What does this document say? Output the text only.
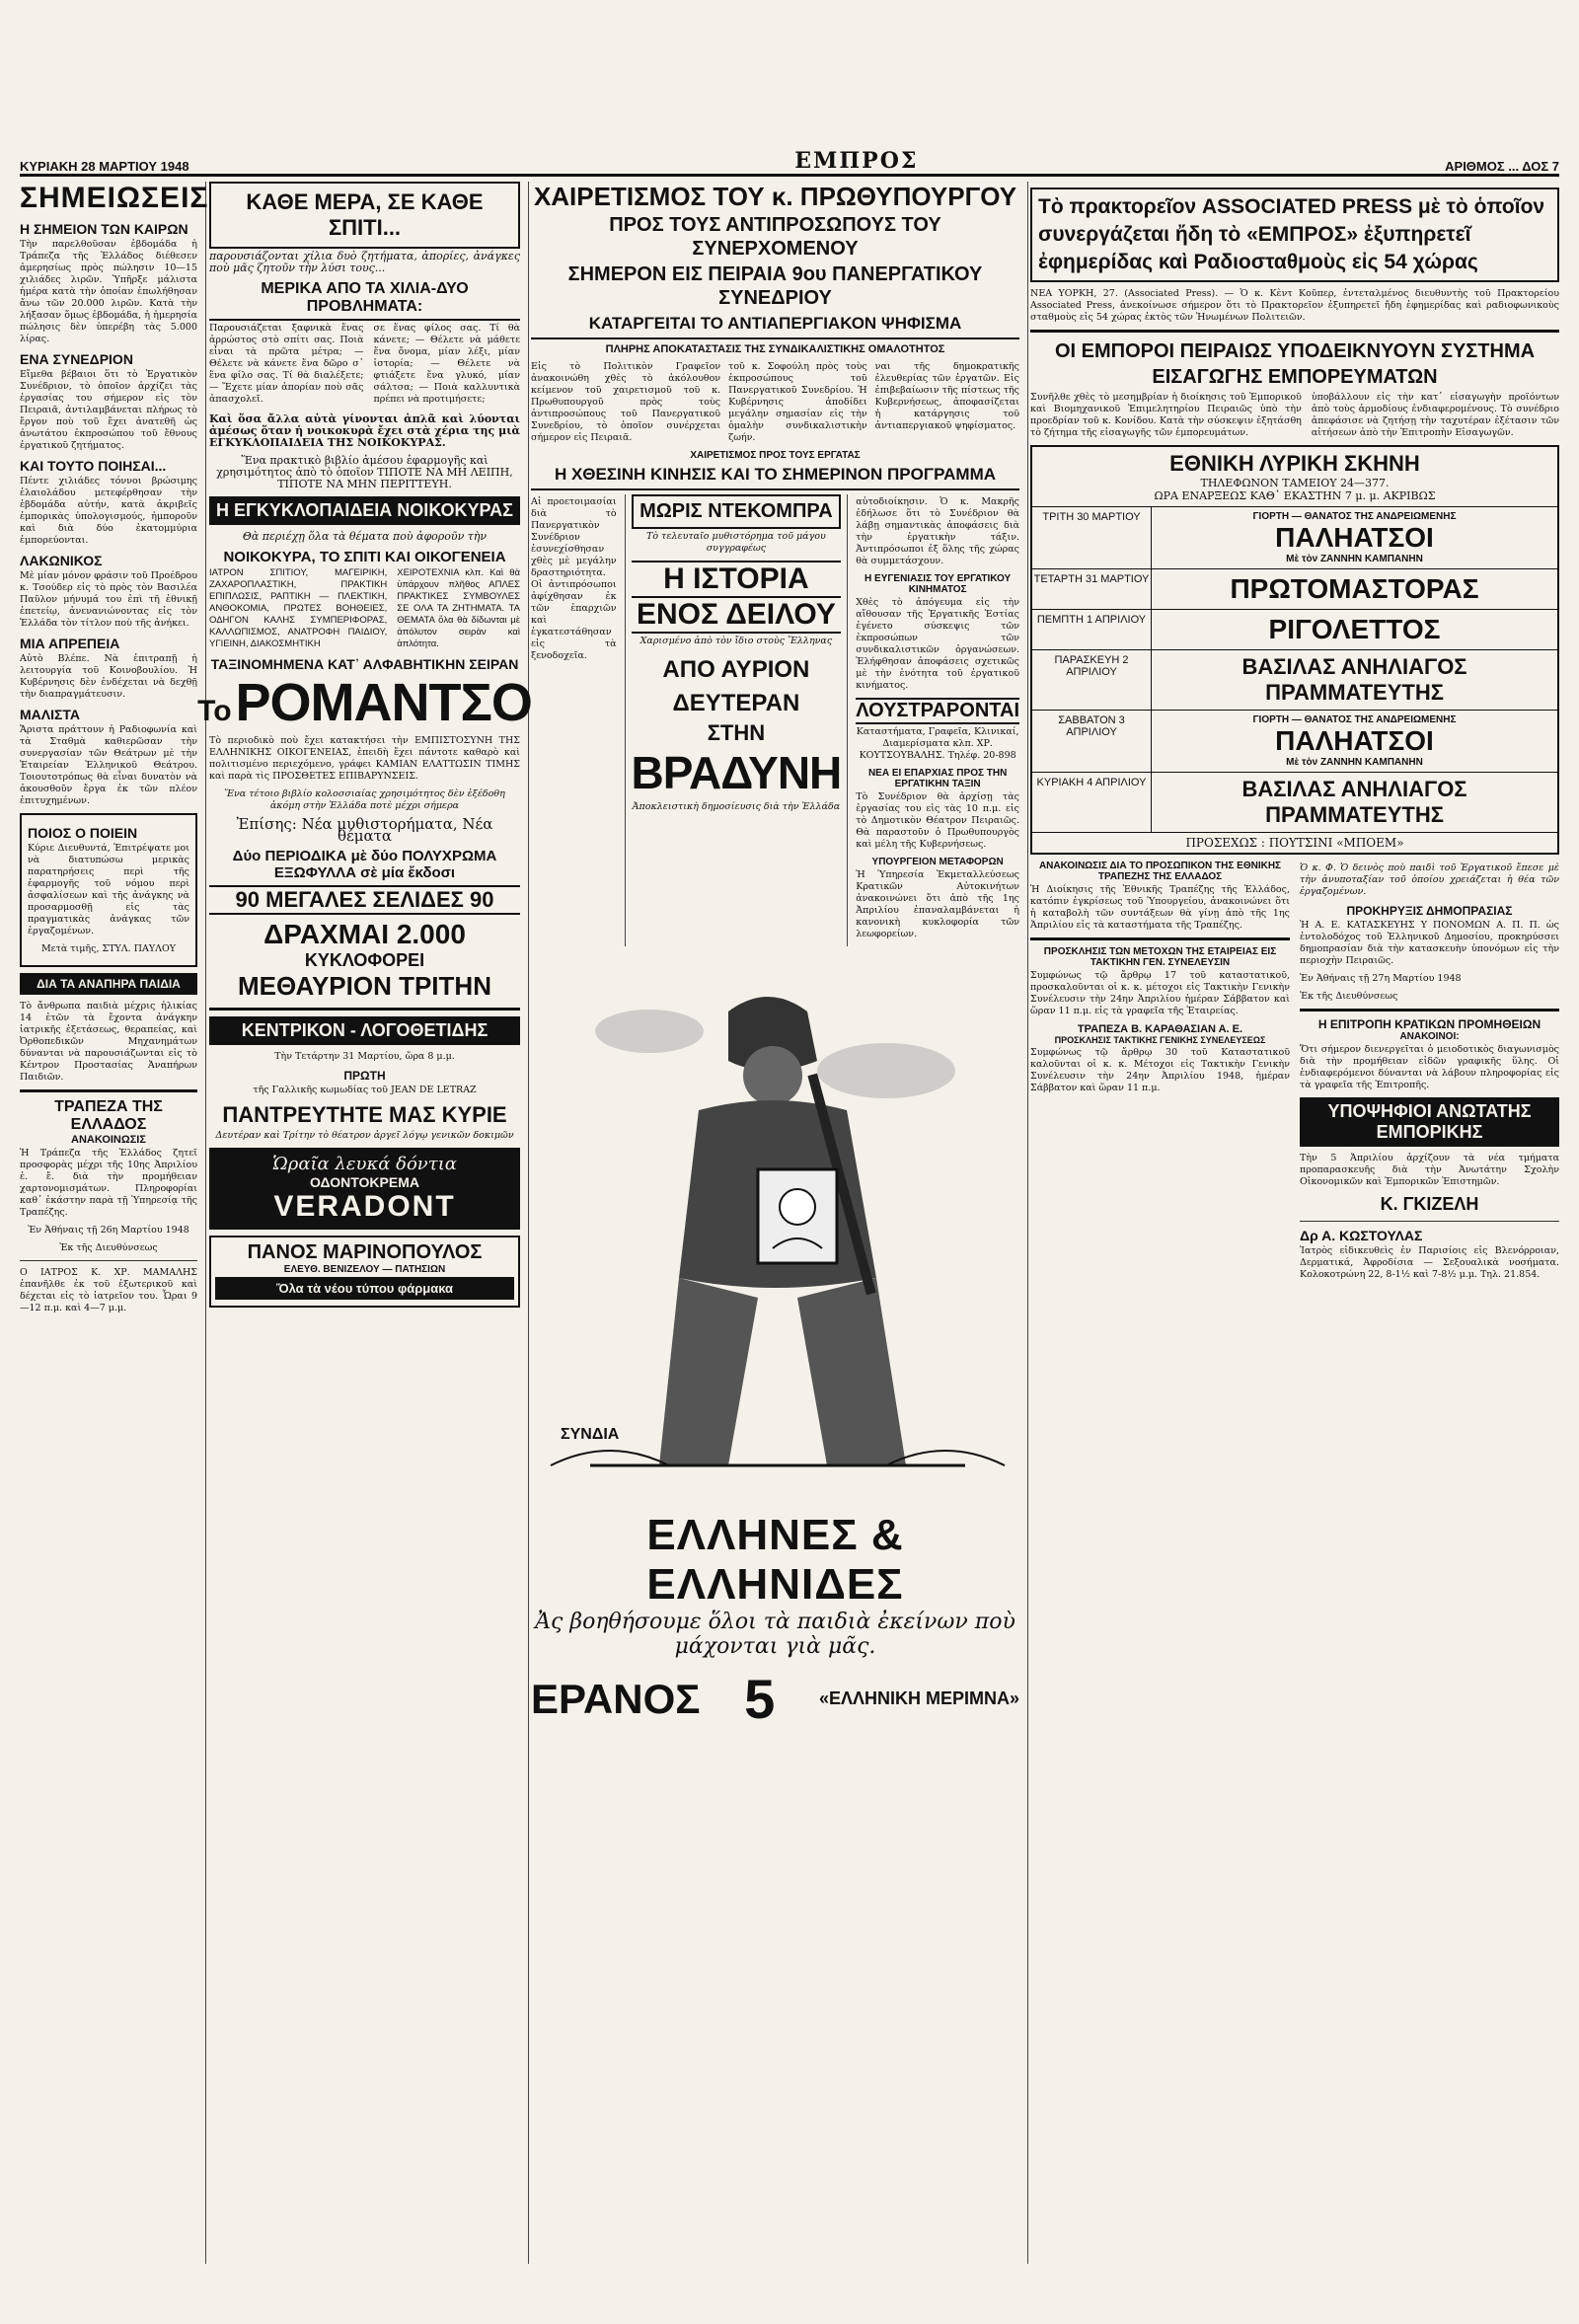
ΚΥΡΙΑΚΗ 28 ΜΑΡΤΙΟΥ 1948	ΕΜΠΡΟΣ	ΑΡΙΘΜΟΣ ... ΔΟΣ 7
ΣΗΜΕΙΩΣΕΙΣ
Η ΣΗΜΕΙΟΝ ΤΩΝ ΚΑΙΡΩΝ

Τὴν παρελθοῦσαν ἑβδομάδα ἡ Τράπεζα τῆς Ἑλλάδος διέθεσεν ἁμερησίως πρὸς πώλησιν 10—15 χιλιάδες λιρῶν. Ὑπῆρξε μάλιστα ἡμέρα κατὰ τὴν ὁποίαν ἐπωλήθησαν ἄνω τῶν 20.000 λιρῶν. Κατὰ τὴν λήξασαν ὅμως ἑβδομάδα, ἡ ἡμερησία πώλησις δὲν ὑπερέβη τὰς 5.000 λίρας.

ΕΝΑ ΣΥΝΕΔΡΙΟΝ

Εἴμεθα βέβαιοι ὅτι τὸ Ἐργατικὸν Συνέδριον, τὸ ὁποῖον ἀρχίζει τὰς ἐργασίας του σήμερον εἰς τὸν Πειραιᾶ, ἀντιλαμβάνεται πλήρως τὸ ἔργον ποὺ τοῦ ἔχει ἀνατεθῆ ὡς ἀνωτάτου ἐκπροσώπου τοῦ ἔθνους ἐργατικοῦ ζητήματος.

ΚΑΙ ΤΟΥΤΟ ΠΟΙΗΣΑΙ...

Πέντε χιλιάδες τόννοι βρώσιμης ἐλαιολάδου μετεφέρθησαν τὴν ἑβδομάδα αὐτήν, κατὰ ἀκριβεῖς ἐμπορικὰς ὑπολογισμούς, ἠμποροῦν καὶ διὰ δύο ἑκατομμύρια ἐμπορεύονται.

ΛΑΚΩΝΙΚΟΣ

Μὲ μίαν μόνον φράσιν τοῦ Προέδρου κ. Τσούδερ εἰς τὸ πρὸς τὸν Βασιλέα Παῦλον μήνυμά του ἐπὶ τῆ ἐθνικῇ ἐπετείῳ, ἀνενανιώνοντας εἰς τὸν Ἑλλάδα τὸν τίτλον ποὺ τῆς ἀνήκει.

ΜΙΑ ΑΠΡΕΠΕΙΑ

Αὐτὸ Βλέπε. Νὰ ἐπιτραπῇ ἡ λειτουργία τοῦ Κοινοβουλίου. Ἡ Κυβέρνησις δὲν ἐνδέχεται νὰ δεχθῇ τὴν διαπραγμάτευσιν.

ΜΑΛΙΣΤΑ

Ἄριστα πράττουν ἡ Ραδιοφωνία καὶ τὰ Σταθμὰ καθιερῶσαν τὴν συνεργασίαν τῶν Θεάτρων μὲ τὴν Ἑταιρείαν Ἑλληνικοῦ Θεάτρου. Τοιουτοτρόπως θὰ εἶναι δυνατὸν νὰ ἀκουσθοῦν ἔργα ἐκ τῶν πλέον ἐπιτυχημένων.

ΠΟΙΟΣ Ο ΠΟΙΕΙΝ

Κύριε Διευθυντά, Ἐπιτρέψατε μοι νὰ διατυπώσω μερικὰς παρατηρήσεις περὶ τῆς ἐφαρμογῆς τοῦ νόμου περὶ ἀσφαλίσεων καὶ τῆς ἀνάγκης νὰ προσαρμοσθῇ εἰς τὰς πραγματικὰς ἀνάγκας τῶν ἐργαζομένων.

Μετὰ τιμῆς, ΣΤΥΛ. ΠΑΥΛΟΥ

ΔΙΑ ΤΑ ΑΝΑΠΗΡΑ ΠΑΙΔΙΑ

Τὸ ἄνθρωπα παιδιὰ μέχρις ἡλικίας 14 ἐτῶν τὰ ἔχοντα ἀνάγκην ἰατρικῆς ἐξετάσεως, θεραπείας, καὶ Ὀρθοπεδικῶν Μηχανημάτων δύνανται νὰ παρουσιάζωνται εἰς τὸ Κέντρον Προστασίας Ἀναπήρων Παιδιῶν.

ΤΡΑΠΕΖΑ ΤΗΣ ΕΛΛΑΔΟΣ
ΑΝΑΚΟΙΝΩΣΙΣ

Ἡ Τράπεζα τῆς Ἑλλάδος ζητεῖ προσφορὰς μέχρι τῆς 10ης Ἀπριλίου ἐ. ἔ. διὰ τὴν προμήθειαν χαρτονομισμάτων. Πληροφορίαι καθ᾽ ἑκάστην παρὰ τῇ Ὑπηρεσίᾳ τῆς Τραπέζης.

Ἐν Ἀθήναις τῇ 26η Μαρτίου 1948

Ἐκ τῆς Διευθύνσεως

Ο ΙΑΤΡΟΣ Κ. ΧΡ. ΜΑΜΑΛΗΣ ἐπανῆλθε ἐκ τοῦ ἐξωτερικοῦ καὶ δέχεται εἰς τὸ ἰατρεῖον του. Ὧραι 9—12 π.μ. καὶ 4—7 μ.μ.

ΚΑΘΕ ΜΕΡΑ, ΣΕ ΚΑΘΕ ΣΠΙΤΙ...

παρουσιάζονται χίλια δυὸ ζητήματα, ἀπορίες, ἀνάγκες ποὺ μᾶς ζητοῦν τὴν λύσι τους...

ΜΕΡΙΚΑ ΑΠΟ ΤΑ ΧΙΛΙΑ-ΔΥΟ ΠΡΟΒΛΗΜΑΤΑ:

Παρουσιάζεται ξαφνικὰ ἕνας ἀρρώστος στὸ σπίτι σας. Ποιὰ εἶναι τὰ πρῶτα μέτρα; — Θέλετε νὰ κάνετε ἕνα δῶρο σ᾽ ἕνα φίλο σας. Τί θὰ διαλέξετε; — Ἔχετε μίαν ἀπορίαν ποὺ σᾶς ἀπασχολεῖ.

σε ἕνας φίλος σας. Τί θὰ κάνετε; — Θέλετε νὰ μάθετε ἕνα ὄνομα, μίαν λέξι, μίαν ἱστορία; — Θέλετε νὰ φτιάξετε ἕνα γλυκό, μίαν σάλτσα; — Ποιὰ καλλυντικὰ πρέπει νὰ προτιμήσετε;

Καὶ ὅσα ἄλλα αὐτὰ γίνονται ἀπλᾶ καὶ λύονται ἀμέσως ὅταν ἡ νοικοκυρὰ ἔχει στὰ χέρια της μιὰ ΕΓΚΥΚΛΟΠΑΙΔΕΙΑ ΤΗΣ ΝΟΙΚΟΚΥΡΑΣ.

Ἕνα πρακτικὸ βιβλίο ἀμέσου ἐφαρμογῆς καὶ χρησιμότητος ἀπὸ τὸ ὁποῖον ΤΙΠΟΤΕ ΝΑ ΜΗ ΛΕΙΠΗ, ΤΙΠΟΤΕ ΝΑ ΜΗΝ ΠΕΡΙΤΤΕΥΗ.

Η ΕΓΚΥΚΛΟΠΑΙΔΕΙΑ ΝΟΙΚΟΚΥΡΑΣ

Θὰ περιέχῃ ὅλα τὰ θέματα ποὺ ἀφοροῦν τὴν

ΝΟΙΚΟΚΥΡΑ, ΤΟ ΣΠΙΤΙ ΚΑΙ ΟΙΚΟΓΕΝΕΙΑ

ΙΑΤΡΟΝ ΣΠΙΤΙΟΥ, ΜΑΓΕΙΡΙΚΗ, ΖΑΧΑΡΟΠΛΑΣΤΙΚΗ, ΠΡΑΚΤΙΚΗ ΕΠΙΠΛΩΣΙΣ, ΡΑΠΤΙΚΗ — ΠΛΕΚΤΙΚΗ, ΑΝΘΟΚΟΜΙΑ, ΠΡΩΤΕΣ ΒΟΗΘΕΙΕΣ, ΟΔΗΓΟΝ ΚΑΛΗΣ ΣΥΜΠΕΡΙΦΟΡΑΣ, ΚΑΛΛΩΠΙΣΜΟΣ, ΑΝΑΤΡΟΦΗ ΠΑΙΔΙΟΥ, ΥΓΙΕΙΝΗ, ΔΙΑΚΟΣΜΗΤΙΚΗ

ΧΕΙΡΟΤΕΧΝΙΑ κλπ. Καὶ θὰ ὑπάρχουν πλῆθος ΑΠΛΕΣ ΠΡΑΚΤΙΚΕΣ ΣΥΜΒΟΥΛΕΣ ΣΕ ΟΛΑ ΤΑ ΖΗΤΗΜΑΤΑ. ΤΑ ΘΕΜΑΤΑ ὅλα θὰ δίδωνται μὲ ἀπόλυτον σειρὰν καὶ ἁπλότητα.

ΤΑΞΙΝΟΜΗΜΕΝΑ ΚΑΤ᾽ ΑΛΦΑΒΗΤΙΚΗΝ ΣΕΙΡΑΝ
Το ΡΟΜΑΝΤΣΟ

Τὸ περιοδικὸ ποὺ ἔχει κατακτήσει τὴν ΕΜΠΙΣΤΟΣΥΝΗ ΤΗΣ ΕΛΛΗΝΙΚΗΣ ΟΙΚΟΓΕΝΕΙΑΣ, ἐπειδὴ ἔχει πάντοτε καθαρὸ καὶ πολιτισμένο περιεχόμενο, γράφει ΚΑΜΙΑΝ ΕΛΑΤΤΩΣΙΝ ΤΙΜΗΣ καὶ παρὰ τὶς ΠΡΟΣΘΕΤΕΣ ΕΠΙΒΑΡΥΝΣΕΙΣ.

Ἕνα τέτοιο βιβλίο κολοσσιαίας χρησιμότητος δὲν ἐξέδοθη ἀκόμη στὴν Ἑλλάδα ποτὲ μέχρι σήμερα

Ἐπίσης: Νέα μυθιστορήματα, Νέα θέματα

Δύο ΠΕΡΙΟΔΙΚΑ μὲ δύο ΠΟΛΥΧΡΩΜΑ ΕΞΩΦΥΛΛΑ σὲ μία ἔκδοσι
90 ΜΕΓΑΛΕΣ ΣΕΛΙΔΕΣ 90
ΔΡΑΧΜΑΙ 2.000
ΚΥΚΛΟΦΟΡΕΙ
ΜΕΘΑΥΡΙΟΝ ΤΡΙΤΗΝ
ΚΕΝΤΡΙΚΟΝ - ΛΟΓΟΘΕΤΙΔΗΣ

Τὴν Τετάρτην 31 Μαρτίου, ὥρα 8 μ.μ.

ΠΡΩΤΗ

τῆς Γαλλικῆς κωμωδίας τοῦ JEAN DE LETRAZ

ΠΑΝΤΡΕΥΤΗΤΕ ΜΑΣ ΚΥΡΙΕ

Δευτέραν καὶ Τρίτην τὸ θέατρον ἀργεῖ λόγῳ γενικῶν δοκιμῶν

Ὡραῖα λευκά δόντια
ΟΔΟΝΤΟΚΡΕΜΑ
VERADONT
ΠΑΝΟΣ ΜΑΡΙΝΟΠΟΥΛΟΣ
ΕΛΕΥΘ. ΒΕΝΙΖΕΛΟΥ — ΠΑΤΗΣΙΩΝ
Ὅλα τὰ νέου τύπου φάρμακα
ΧΑΙΡΕΤΙΣΜΟΣ ΤΟΥ κ. ΠΡΩΘΥΠΟΥΡΓΟΥ
ΠΡΟΣ ΤΟΥΣ ΑΝΤΙΠΡΟΣΩΠΟΥΣ ΤΟΥ ΣΥΝΕΡΧΟΜΕΝΟΥ
ΣΗΜΕΡΟΝ ΕΙΣ ΠΕΙΡΑΙΑ 9ου ΠΑΝΕΡΓΑΤΙΚΟΥ ΣΥΝΕΔΡΙΟΥ
ΚΑΤΑΡΓΕΙΤΑΙ ΤΟ ΑΝΤΙΑΠΕΡΓΙΑΚΟΝ ΨΗΦΙΣΜΑ
ΠΛΗΡΗΣ ΑΠΟΚΑΤΑΣΤΑΣΙΣ ΤΗΣ ΣΥΝΔΙΚΑΛΙΣΤΙΚΗΣ ΟΜΑΛΟΤΗΤΟΣ

Εἰς τὸ Πολιτικὸν Γραφεῖον ἀνακοινώθη χθὲς τὸ ἀκόλουθον κείμενον τοῦ χαιρετισμοῦ τοῦ κ. Πρωθυπουργοῦ πρὸς τοὺς ἀντιπροσώπους τοῦ Πανεργατικοῦ Συνεδρίου, τὸ ὁποῖον συνέρχεται σήμερον εἰς Πειραιᾶ.

τοῦ κ. Σοφούλη πρὸς τοὺς ἐκπροσώπους τοῦ Πανεργατικοῦ Συνεδρίου. Ἡ Κυβέρνησις ἀποδίδει μεγάλην σημασίαν εἰς τὴν ὁμαλὴν συνδικαλιστικὴν ζωήν.

ναι τῆς δημοκρατικῆς ἐλευθερίας τῶν ἐργατῶν. Εἰς ἐπιβεβαίωσιν τῆς πίστεως τῆς Κυβερνήσεως, ἀποφασίζεται ἡ κατάργησις τοῦ ἀντιαπεργιακοῦ ψηφίσματος.

ΧΑΙΡΕΤΙΣΜΟΣ ΠΡΟΣ ΤΟΥΣ ΕΡΓΑΤΑΣ
Η ΧΘΕΣΙΝΗ ΚΙΝΗΣΙΣ ΚΑΙ ΤΟ ΣΗΜΕΡΙΝΟΝ ΠΡΟΓΡΑΜΜΑ

Αἱ προετοιμασίαι διὰ τὸ Πανεργατικὸν Συνέδριον ἐσυνεχίσθησαν χθὲς μὲ μεγάλην δραστηριότητα. Οἱ ἀντιπρόσωποι ἀφίχθησαν ἐκ τῶν ἐπαρχιῶν καὶ ἐγκατεστάθησαν εἰς τὰ ξενοδοχεῖα.

ΜΩΡΙΣ ΝΤΕΚΟΜΠΡΑ

Τὸ τελευταῖο μυθιστόρημα τοῦ μάγου συγγραφέως

Η ΙΣΤΟΡΙΑ
ΕΝΟΣ ΔΕΙΛΟΥ

Χαρισμένο ἀπὸ τὸν ἴδιο στοὺς Ἕλληνας

ΑΠΟ ΑΥΡΙΟΝ ΔΕΥΤΕΡΑΝ
ΣΤΗΝ
ΒΡΑΔΥΝΗ

Ἀποκλειστικὴ δημοσίευσις διὰ τὴν Ἑλλάδα

αὐτοδιοίκησιν. Ὁ κ. Μακρῆς ἐδήλωσε ὅτι τὸ Συνέδριον θὰ λάβῃ σημαντικὰς ἀποφάσεις διὰ τὴν ἐργατικὴν τάξιν. Ἀντιπρόσωποι ἐξ ὅλης τῆς χώρας θὰ συμμετάσχουν.

Η ΕΥΓΕΝΙΑΣΙΣ ΤΟΥ ΕΡΓΑΤΙΚΟΥ ΚΙΝΗΜΑΤΟΣ

Χθὲς τὸ ἀπόγευμα εἰς τὴν αἴθουσαν τῆς Ἐργατικῆς Ἑστίας ἐγένετο σύσκεψις τῶν ἐκπροσώπων τῶν συνδικαλιστικῶν ὀργανώσεων. Ἐλήφθησαν ἀποφάσεις σχετικῶς μὲ τὴν ἑνότητα τοῦ ἐργατικοῦ κινήματος.

ΛΟΥΣΤΡΑΡΟΝΤΑΙ

Καταστήματα, Γραφεῖα, Κλινικαί, Διαμερίσματα κλπ. ΧΡ. ΚΟΥΤΣΟΥΒΑΛΗΣ. Τηλέφ. 20-898

ΝΕΑ ΕΙ ΕΠΑΡΧΙΑΣ ΠΡΟΣ ΤΗΝ ΕΡΓΑΤΙΚΗΝ ΤΑΞΙΝ

Τὸ Συνέδριον θὰ ἀρχίσῃ τὰς ἐργασίας του εἰς τὰς 10 π.μ. εἰς τὸ Δημοτικὸν Θέατρον Πειραιῶς. Θὰ παραστοῦν ὁ Πρωθυπουργὸς καὶ μέλη τῆς Κυβερνήσεως.

ΥΠΟΥΡΓΕΙΟΝ ΜΕΤΑΦΟΡΩΝ

Ἡ Ὑπηρεσία Ἐκμεταλλεύσεως Κρατικῶν Αὐτοκινήτων ἀνακοινώνει ὅτι ἀπὸ τῆς 1ης Ἀπριλίου ἐπαναλαμβάνεται ἡ κανονικὴ κυκλοφορία τῶν λεωφορείων.

ΣΥΝΔΙΑ
ΕΛΛΗΝΕΣ & ΕΛΛΗΝΙΔΕΣ
Ἀς βοηθήσουμε ὅλοι τὰ παιδιὰ ἐκείνων ποὺ μάχονται γιὰ μᾶς.
ΕΡΑΝΟΣ 5 «ΕΛΛΗΝΙΚΗ ΜΕΡΙΜΝΑ»
Τὸ πρακτορεῖον ASSOCIATED PRESS μὲ τὸ ὁποῖον συνεργάζεται ἤδη τὸ «ΕΜΠΡΟΣ» ἐξυπηρετεῖ ἐφημερίδας καὶ Ραδιοσταθμοὺς εἰς 54 χώρας

ΝΕΑ ΥΟΡΚΗ, 27. (Associated Press). — Ὁ κ. Κὲντ Κοῦπερ, ἐντεταλμένος διευθυντὴς τοῦ Πρακτορείου Associated Press, ἀνεκοίνωσε σήμερον ὅτι τὸ Πρακτορεῖον ἐξυπηρετεῖ ἤδη ἐφημερίδας καὶ ραδιοφωνικοὺς σταθμοὺς εἰς 54 χώρας ἐκτὸς τῶν Ἡνωμένων Πολιτειῶν.

ΟΙ ΕΜΠΟΡΟΙ ΠΕΙΡΑΙΩΣ ΥΠΟΔΕΙΚΝΥΟΥΝ ΣΥΣΤΗΜΑ ΕΙΣΑΓΩΓΗΣ ΕΜΠΟΡΕΥΜΑΤΩΝ

Συνῆλθε χθὲς τὸ μεσημβρίαν ἡ διοίκησις τοῦ Ἐμπορικοῦ καὶ Βιομηχανικοῦ Ἐπιμελητηρίου Πειραιῶς ὑπὸ τὴν προεδρίαν τοῦ κ. Κονίδου. Κατὰ τὴν σύσκεψιν ἐξητάσθη τὸ ζήτημα τῆς εἰσαγωγῆς τῶν ἐμπορευμάτων.

ὑποβάλλουν εἰς τὴν κατ᾽ εἰσαγωγὴν προϊόντων ἀπὸ τοὺς ἀρμοδίους ἐνδιαφερομένους. Τὸ συνέδριο ἀπεφάσισε νὰ ζητήσῃ τὴν ταχυτέραν ἐξέτασιν τῶν αἰτήσεων ἀπὸ τὴν Ἐπιτροπὴν Εἰσαγωγῶν.

ΕΘΝΙΚΗ ΛΥΡΙΚΗ ΣΚΗΝΗ
ΤΗΛΕΦΩΝΟΝ ΤΑΜΕΙΟΥ 24—377.
ΩΡΑ ΕΝΑΡΞΕΩΣ ΚΑΘ᾽ ΕΚΑΣΤΗΝ 7 μ. μ. ΑΚΡΙΒΩΣ
ΤΡΙΤΗ 30 ΜΑΡΤΙΟΥ	ΓΙΟΡΤΗ — ΘΑΝΑΤΟΣ ΤΗΣ ΑΝΔΡΕΙΩΜΕΝΗΣ
ΠΑΛΗΑΤΣΟΙ
Μὲ τὸν ΖΑΝΝΗΝ ΚΑΜΠΑΝΗΝ
ΤΕΤΑΡΤΗ 31 ΜΑΡΤΙΟΥ	ΠΡΩΤΟΜΑΣΤΟΡΑΣ
ΠΕΜΠΤΗ 1 ΑΠΡΙΛΙΟΥ	ΡΙΓΟΛΕΤΤΟΣ
ΠΑΡΑΣΚΕΥΗ 2 ΑΠΡΙΛΙΟΥ	ΒΑΣΙΛΑΣ ΑΝΗΛΙΑΓΟΣ ΠΡΑΜΜΑΤΕΥΤΗΣ
ΣΑΒΒΑΤΟΝ 3 ΑΠΡΙΛΙΟΥ
ΓΙΟΡΤΗ — ΘΑΝΑΤΟΣ ΤΗΣ ΑΝΔΡΕΙΩΜΕΝΗΣ
ΠΑΛΗΑΤΣΟΙ
Μὲ τὸν ΖΑΝΝΗΝ ΚΑΜΠΑΝΗΝ
ΚΥΡΙΑΚΗ 4 ΑΠΡΙΛΙΟΥ	ΒΑΣΙΛΑΣ ΑΝΗΛΙΑΓΟΣ ΠΡΑΜΜΑΤΕΥΤΗΣ
ΠΡΟΣΕΧΩΣ : ΠΟΥΤΣΙΝΙ «ΜΠΟΕΜ»
ΑΝΑΚΟΙΝΩΣΙΣ ΔΙΑ ΤΟ ΠΡΟΣΩΠΙΚΟΝ ΤΗΣ ΕΘΝΙΚΗΣ ΤΡΑΠΕΖΗΣ ΤΗΣ ΕΛΛΑΔΟΣ

Ἡ Διοίκησις τῆς Ἐθνικῆς Τραπέζης τῆς Ἑλλάδος, κατόπιν ἐγκρίσεως τοῦ Ὑπουργείου, ἀνακοινώνει ὅτι ἡ καταβολὴ τῶν συντάξεων θὰ γίνῃ ἀπὸ τῆς 1ης Ἀπριλίου εἰς τὰ καταστήματα τῆς Τραπέζης.

ΠΡΟΣΚΛΗΣΙΣ ΤΩΝ ΜΕΤΟΧΩΝ ΤΗΣ ΕΤΑΙΡΕΙΑΣ ΕΙΣ ΤΑΚΤΙΚΗΝ ΓΕΝ. ΣΥΝΕΛΕΥΣΙΝ

Συμφώνως τῷ ἄρθρῳ 17 τοῦ καταστατικοῦ, προσκαλοῦνται οἱ κ. κ. μέτοχοι εἰς Τακτικὴν Γενικὴν Συνέλευσιν τὴν 24ην Ἀπριλίου ἡμέραν Σάββατον καὶ ὥραν 11 π.μ. εἰς τὰ γραφεῖα τῆς Ἑταιρείας.

ΤΡΑΠΕΖΑ Β. ΚΑΡΑΘΑΣΙΑΝ Α. Ε.
ΠΡΟΣΚΛΗΣΙΣ ΤΑΚΤΙΚΗΣ ΓΕΝΙΚΗΣ ΣΥΝΕΛΕΥΣΕΩΣ

Συμφώνως τῷ ἄρθρῳ 30 τοῦ Καταστατικοῦ καλοῦνται οἱ κ. κ. Μέτοχοι εἰς Τακτικὴν Γενικὴν Συνέλευσιν τὴν 24ην Ἀπριλίου 1948, ἡμέραν Σάββατον καὶ ὥραν 11 π.μ.

Ὁ κ. Φ. Ὁ δεινὸς ποὺ παιδὶ τοῦ Ἐργατικοῦ ἔπεσε μὲ τὴν ἀνυποταξίαν τοῦ ὁποίου χρειάζεται ἡ θέα τῶν ἐργαζομένων.

ΠΡΟΚΗΡΥΞΙΣ ΔΗΜΟΠΡΑΣΙΑΣ

Ἡ Α. Ε. ΚΑΤΑΣΚΕΥΗΣ Υ ΠΟΝΟΜΩΝ Α. Π. Π. ὡς ἐντολοδόχος τοῦ Ἑλληνικοῦ Δημοσίου, προκηρύσσει δημοπρασίαν διὰ τὴν κατασκευὴν ὑπονόμων εἰς τὴν περιοχὴν Πειραιῶς.

Ἐν Ἀθήναις τῇ 27η Μαρτίου 1948

Ἐκ τῆς Διευθύνσεως

Η ΕΠΙΤΡΟΠΗ ΚΡΑΤΙΚΩΝ ΠΡΟΜΗΘΕΙΩΝ
ΑΝΑΚΟΙΝΟΙ:

Ὅτι σήμερον διενεργεῖται ὁ μειοδοτικὸς διαγωνισμὸς διὰ τὴν προμήθειαν εἰδῶν γραφικῆς ὕλης. Οἱ ἐνδιαφερόμενοι δύνανται νὰ λάβουν πληροφορίας εἰς τὰ γραφεῖα τῆς Ἐπιτροπῆς.

ΥΠΟΨΗΦΙΟΙ ΑΝΩΤΑΤΗΣ ΕΜΠΟΡΙΚΗΣ

Τὴν 5 Ἀπριλίου ἀρχίζουν τὰ νέα τμήματα προπαρασκευῆς διὰ τὴν Ἀνωτάτην Σχολὴν Οἰκονομικῶν καὶ Ἐμπορικῶν Ἐπιστημῶν.

Κ. ΓΚΙΖΕΛΗ
Δρ Α. ΚΩΣΤΟΥΛΑΣ

Ἰατρὸς εἰδικευθεὶς ἐν Παρισίοις εἰς Βλενόρροιαν, Δερματικά, Ἀφροδίσια — Σεξουαλικὰ νοσήματα. Κολοκοτρώνη 22, 8-1½ καὶ 7-8½ μ.μ. Τηλ. 21.854.
